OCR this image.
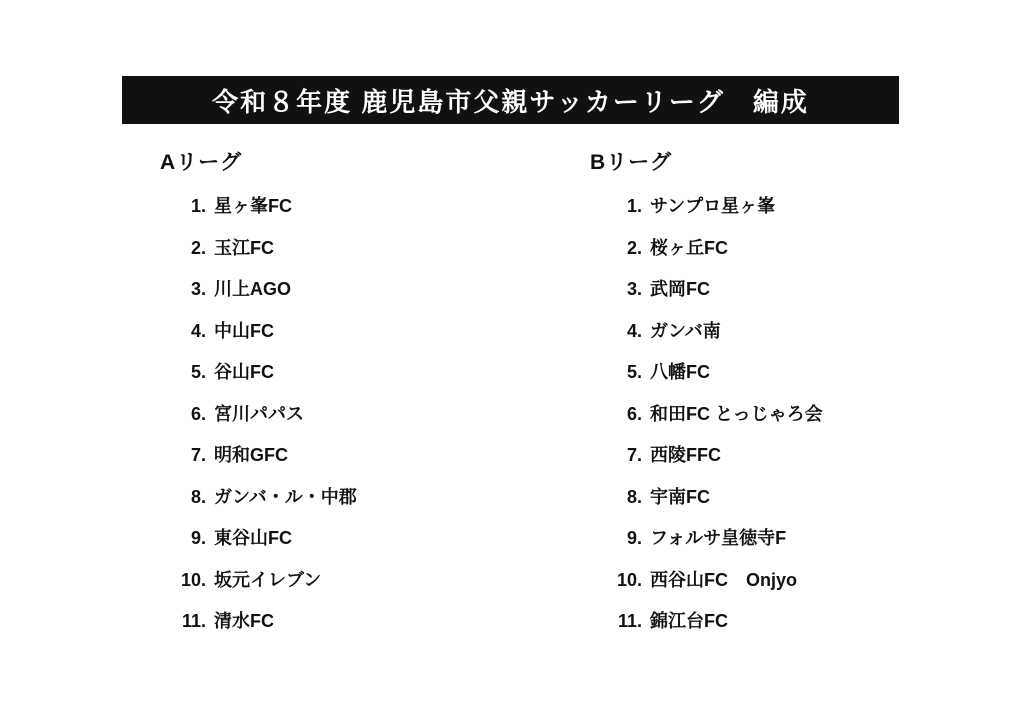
令和８年度 鹿児島市父親サッカーリーグ　編成
Aリーグ
1. 星ヶ峯FC
2. 玉江FC
3. 川上AGO
4. 中山FC
5. 谷山FC
6. 宮川パパス
7. 明和GFC
8. ガンバ・ル・中郡
9. 東谷山FC
10. 坂元イレブン
11. 清水FC
Bリーグ
1. サンプロ星ヶ峯
2. 桜ヶ丘FC
3. 武岡FC
4. ガンバ南
5. 八幡FC
6. 和田FC とっじゃろ会
7. 西陵FFC
8. 宇南FC
9. フォルサ皇徳寺F
10. 西谷山FC　Onjyo
11. 錦江台FC
